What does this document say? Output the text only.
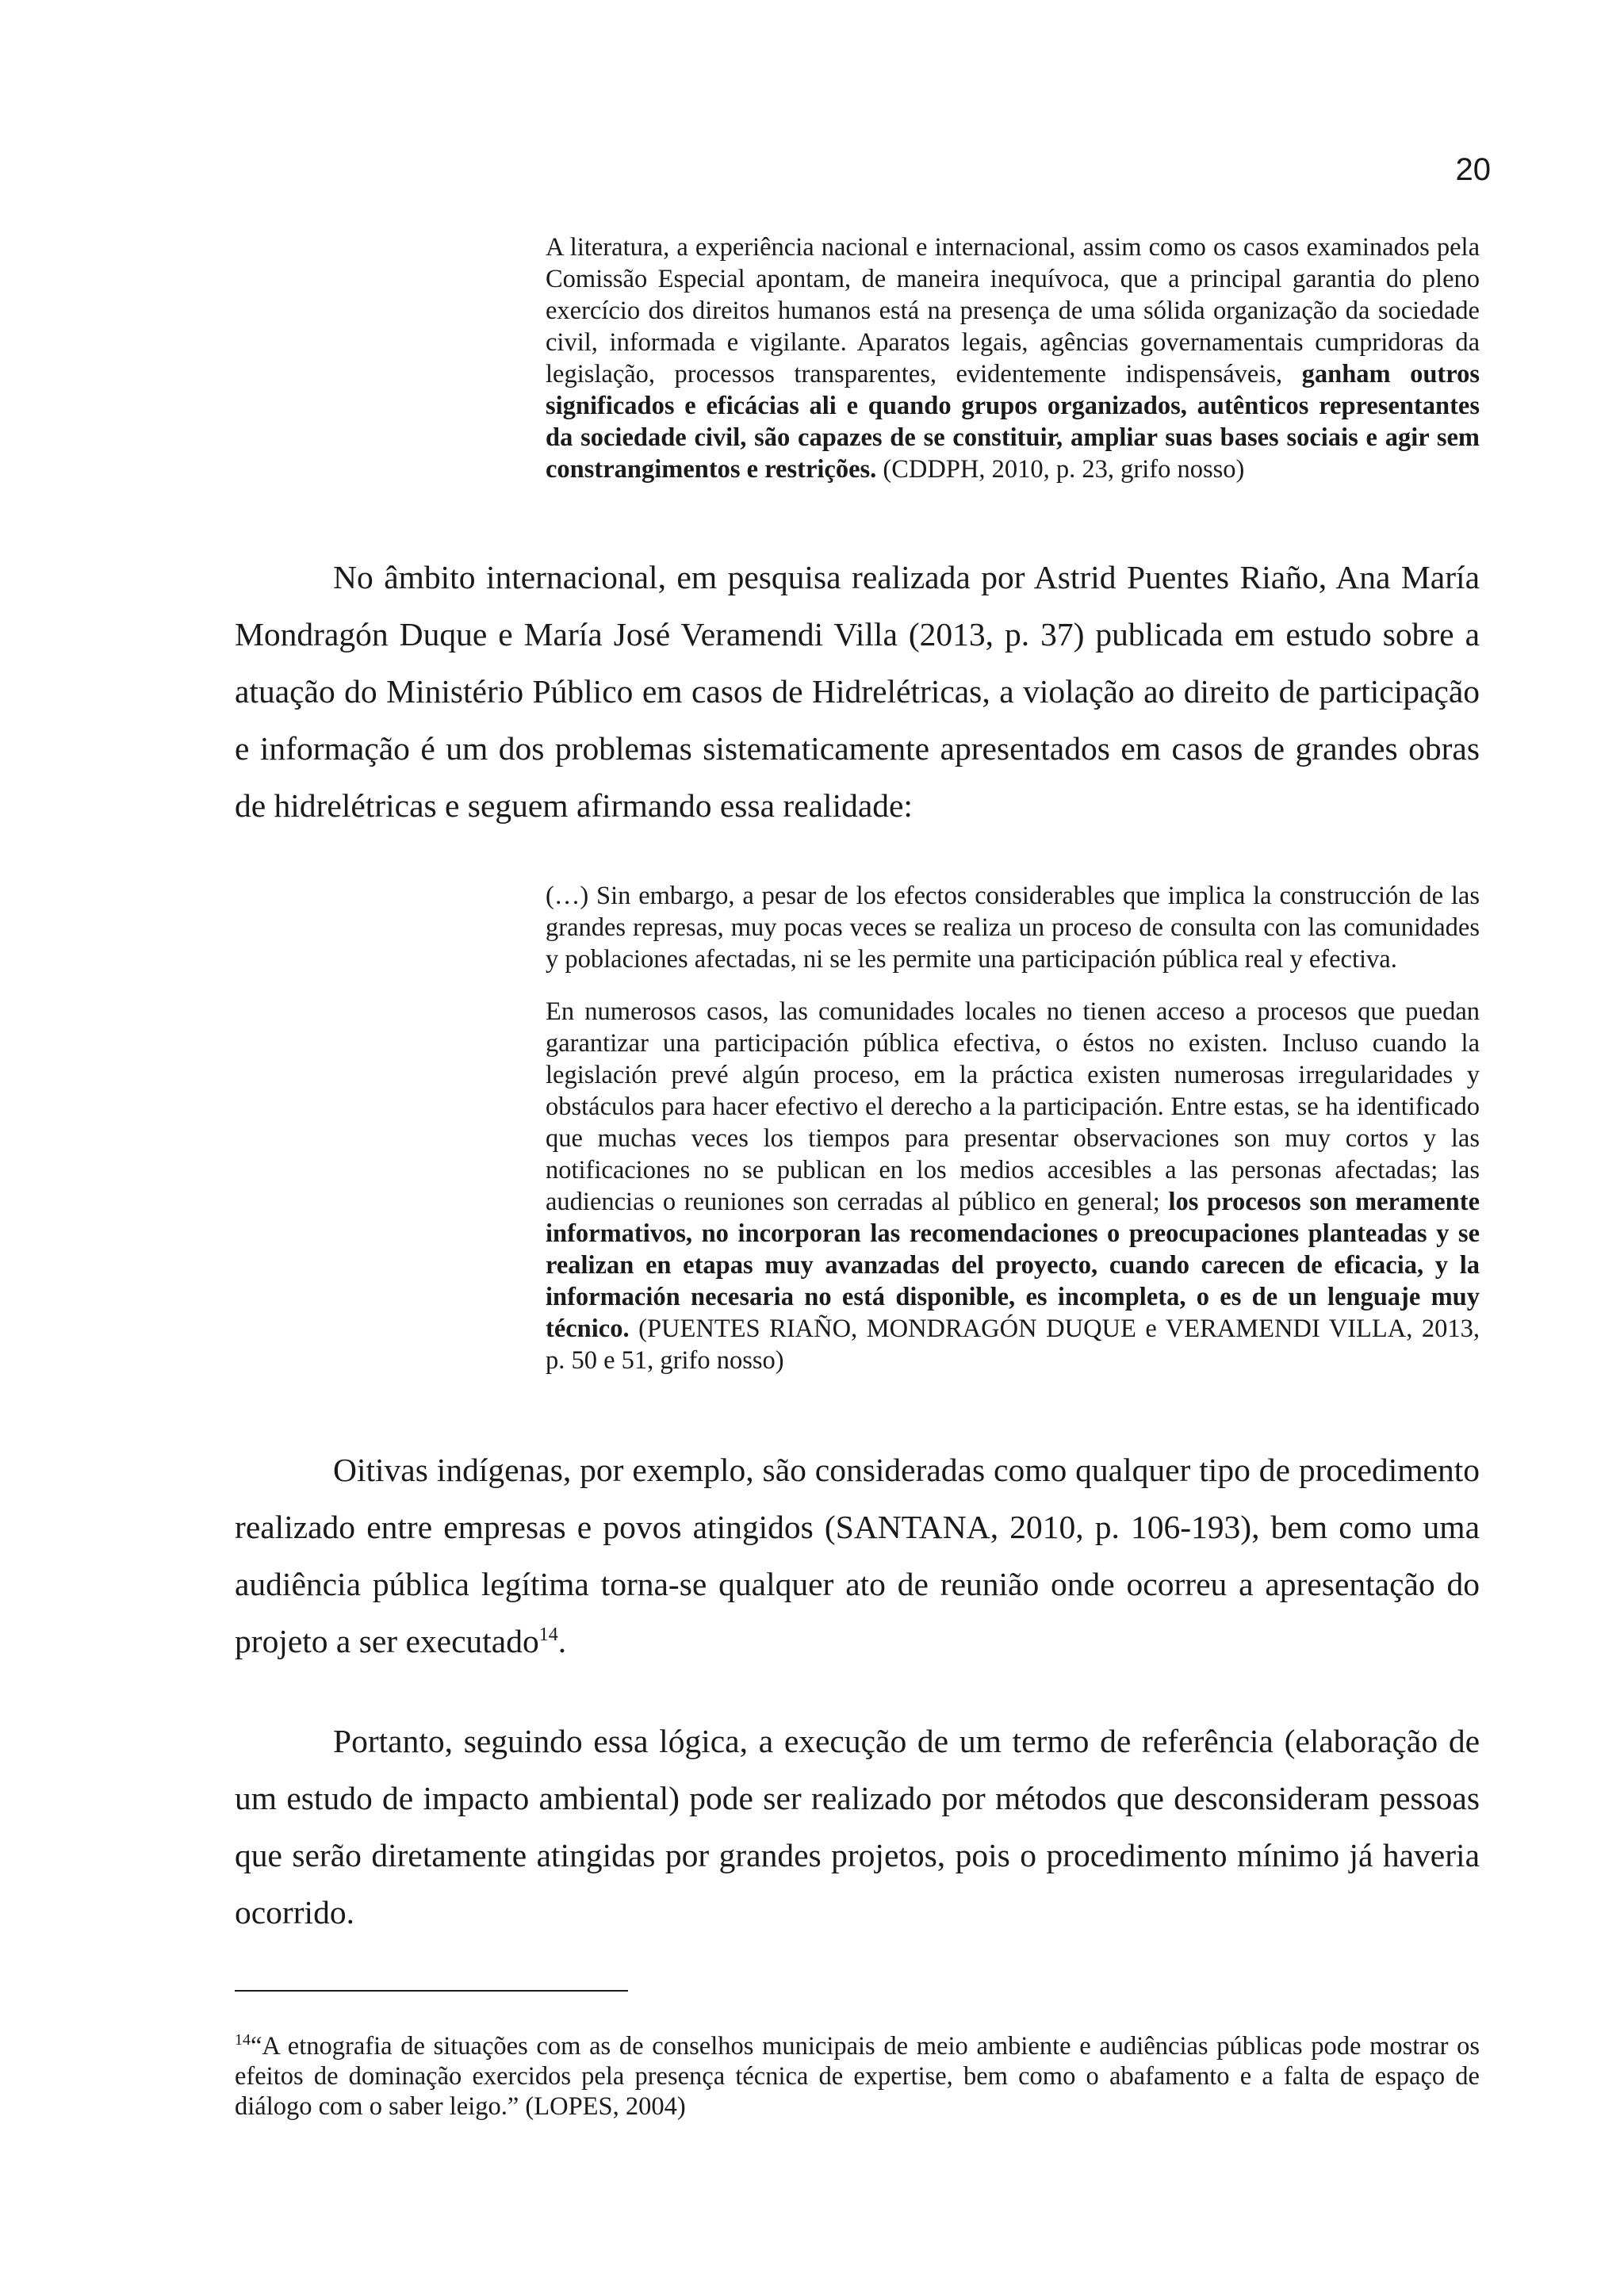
20

A literatura, a experiência nacional e internacional, assim como os casos examinados pela Comissão Especial apontam, de maneira inequívoca, que a principal garantia do pleno exercício dos direitos humanos está na presença de uma sólida organização da sociedade civil, informada e vigilante. Aparatos legais, agências governamentais cumpridoras da legislação, processos transparentes, evidentemente indispensáveis, ganham outros significados e eficácias ali e quando grupos organizados, autênticos representantes da sociedade civil, são capazes de se constituir, ampliar suas bases sociais e agir sem constrangimentos e restrições. (CDDPH, 2010, p. 23, grifo nosso)

No âmbito internacional, em pesquisa realizada por Astrid Puentes Riaño, Ana María Mondragón Duque e María José Veramendi Villa (2013, p. 37) publicada em estudo sobre a atuação do Ministério Público em casos de Hidrelétricas, a violação ao direito de participação e informação é um dos problemas sistematicamente apresentados em casos de grandes obras de hidrelétricas e seguem afirmando essa realidade:

(…) Sin embargo, a pesar de los efectos considerables que implica la construcción de las grandes represas, muy pocas veces se realiza un proceso de consulta con las comunidades y poblaciones afectadas, ni se les permite una participación pública real y efectiva.

En numerosos casos, las comunidades locales no tienen acceso a procesos que puedan garantizar una participación pública efectiva, o éstos no existen. Incluso cuando la legislación prevé algún proceso, em la práctica existen numerosas irregularidades y obstáculos para hacer efectivo el derecho a la participación. Entre estas, se ha identificado que muchas veces los tiempos para presentar observaciones son muy cortos y las notificaciones no se publican en los medios accesibles a las personas afectadas; las audiencias o reuniones son cerradas al público en general; los procesos son meramente informativos, no incorporan las recomendaciones o preocupaciones planteadas y se realizan en etapas muy avanzadas del proyecto, cuando carecen de eficacia, y la información necesaria no está disponible, es incompleta, o es de un lenguaje muy técnico. (PUENTES RIAÑO, MONDRAGÓN DUQUE e VERAMENDI VILLA, 2013, p. 50 e 51, grifo nosso)

Oitivas indígenas, por exemplo, são consideradas como qualquer tipo de procedimento realizado entre empresas e povos atingidos (SANTANA, 2010, p. 106-193), bem como uma audiência pública legítima torna-se qualquer ato de reunião onde ocorreu a apresentação do projeto a ser executado$^{14}$.

Portanto, seguindo essa lógica, a execução de um termo de referência (elaboração de um estudo de impacto ambiental) pode ser realizado por métodos que desconsideram pessoas que serão diretamente atingidas por grandes projetos, pois o procedimento mínimo já haveria ocorrido.

$^{14}$“A etnografia de situações com as de conselhos municipais de meio ambiente e audiências públicas pode mostrar os efeitos de dominação exercidos pela presença técnica de expertise, bem como o abafamento e a falta de espaço de diálogo com o saber leigo.” (LOPES, 2004)
